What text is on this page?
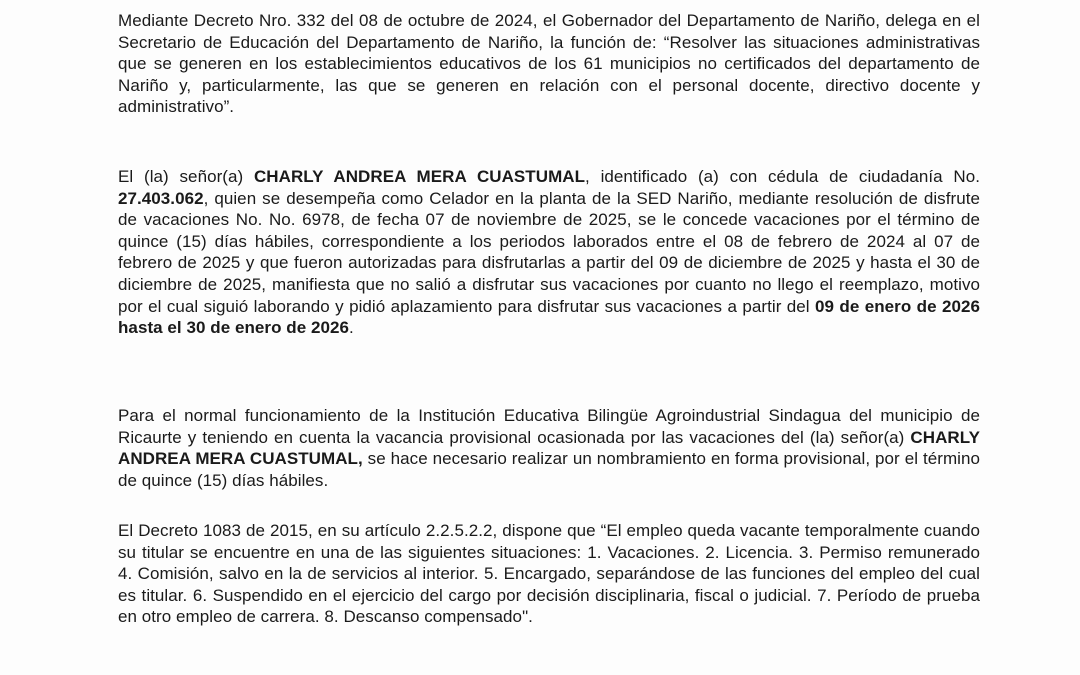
Mediante Decreto Nro. 332 del 08 de octubre de 2024, el Gobernador del Departamento de Nariño, delega en el Secretario de Educación del Departamento de Nariño, la función de: “Resolver las situaciones administrativas que se generen en los establecimientos educativos de los 61 municipios no certificados del departamento de Nariño y, particularmente, las que se generen en relación con el personal docente, directivo docente y administrativo”.
El (la) señor(a) CHARLY ANDREA MERA CUASTUMAL, identificado (a) con cédula de ciudadanía No. 27.403.062, quien se desempeña como Celador en la planta de la SED Nariño, mediante resolución de disfrute de vacaciones No. No. 6978, de fecha 07 de noviembre de 2025, se le concede vacaciones por el término de quince (15) días hábiles, correspondiente a los periodos laborados entre el 08 de febrero de 2024 al 07 de febrero de 2025 y que fueron autorizadas para disfrutarlas a partir del 09 de diciembre de 2025 y hasta el 30 de diciembre de 2025, manifiesta que no salió a disfrutar sus vacaciones por cuanto no llego el reemplazo, motivo por el cual siguió laborando y pidió aplazamiento para disfrutar sus vacaciones a partir del 09 de enero de 2026 hasta el 30 de enero de 2026.
Para el normal funcionamiento de la Institución Educativa Bilingüe Agroindustrial Sindagua del municipio de Ricaurte y teniendo en cuenta la vacancia provisional ocasionada por las vacaciones del (la) señor(a) CHARLY ANDREA MERA CUASTUMAL, se hace necesario realizar un nombramiento en forma provisional, por el término de quince (15) días hábiles.
El Decreto 1083 de 2015, en su artículo 2.2.5.2.2, dispone que “El empleo queda vacante temporalmente cuando su titular se encuentre en una de las siguientes situaciones: 1. Vacaciones. 2. Licencia. 3. Permiso remunerado 4. Comisión, salvo en la de servicios al interior. 5. Encargado, separándose de las funciones del empleo del cual es titular. 6. Suspendido en el ejercicio del cargo por decisión disciplinaria, fiscal o judicial. 7. Período de prueba en otro empleo de carrera. 8. Descanso compensado".
